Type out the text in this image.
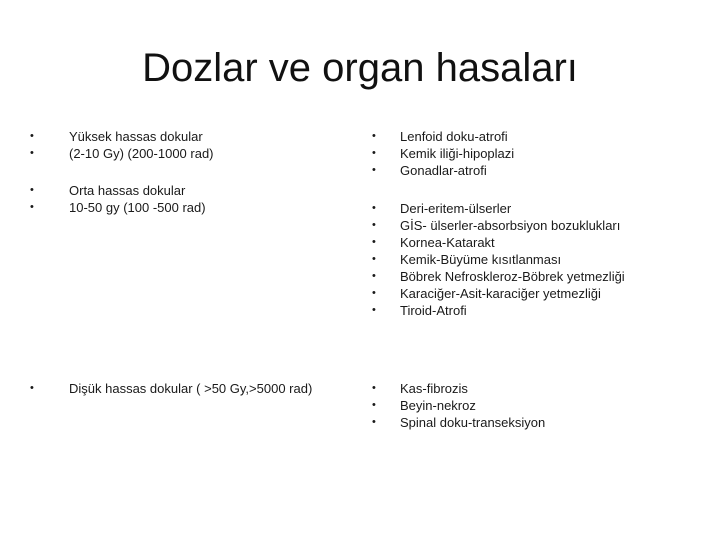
Dozlar ve organ hasaları
•	Yüksek hassas dokular
•	(2-10 Gy) (200-1000 rad)
•	Orta hassas dokular
•	10-50 gy (100 -500 rad)
•	Dişük hassas dokular ( >50 Gy,>5000 rad)
• Lenfoid doku-atrofi
• Kemik iliği-hipoplazi
• Gonadlar-atrofi
• Deri-eritem-ülserler
• GİS- ülserler-absorbsiyon bozuklukları
• Kornea-Katarakt
• Kemik-Büyüme kısıtlanması
• Böbrek Nefroskleroz-Böbrek yetmezliği
• Karaciğer-Asit-karaciğer yetmezliği
• Tiroid-Atrofi
• Kas-fibrozis
• Beyin-nekroz
• Spinal doku-transeksiyon
